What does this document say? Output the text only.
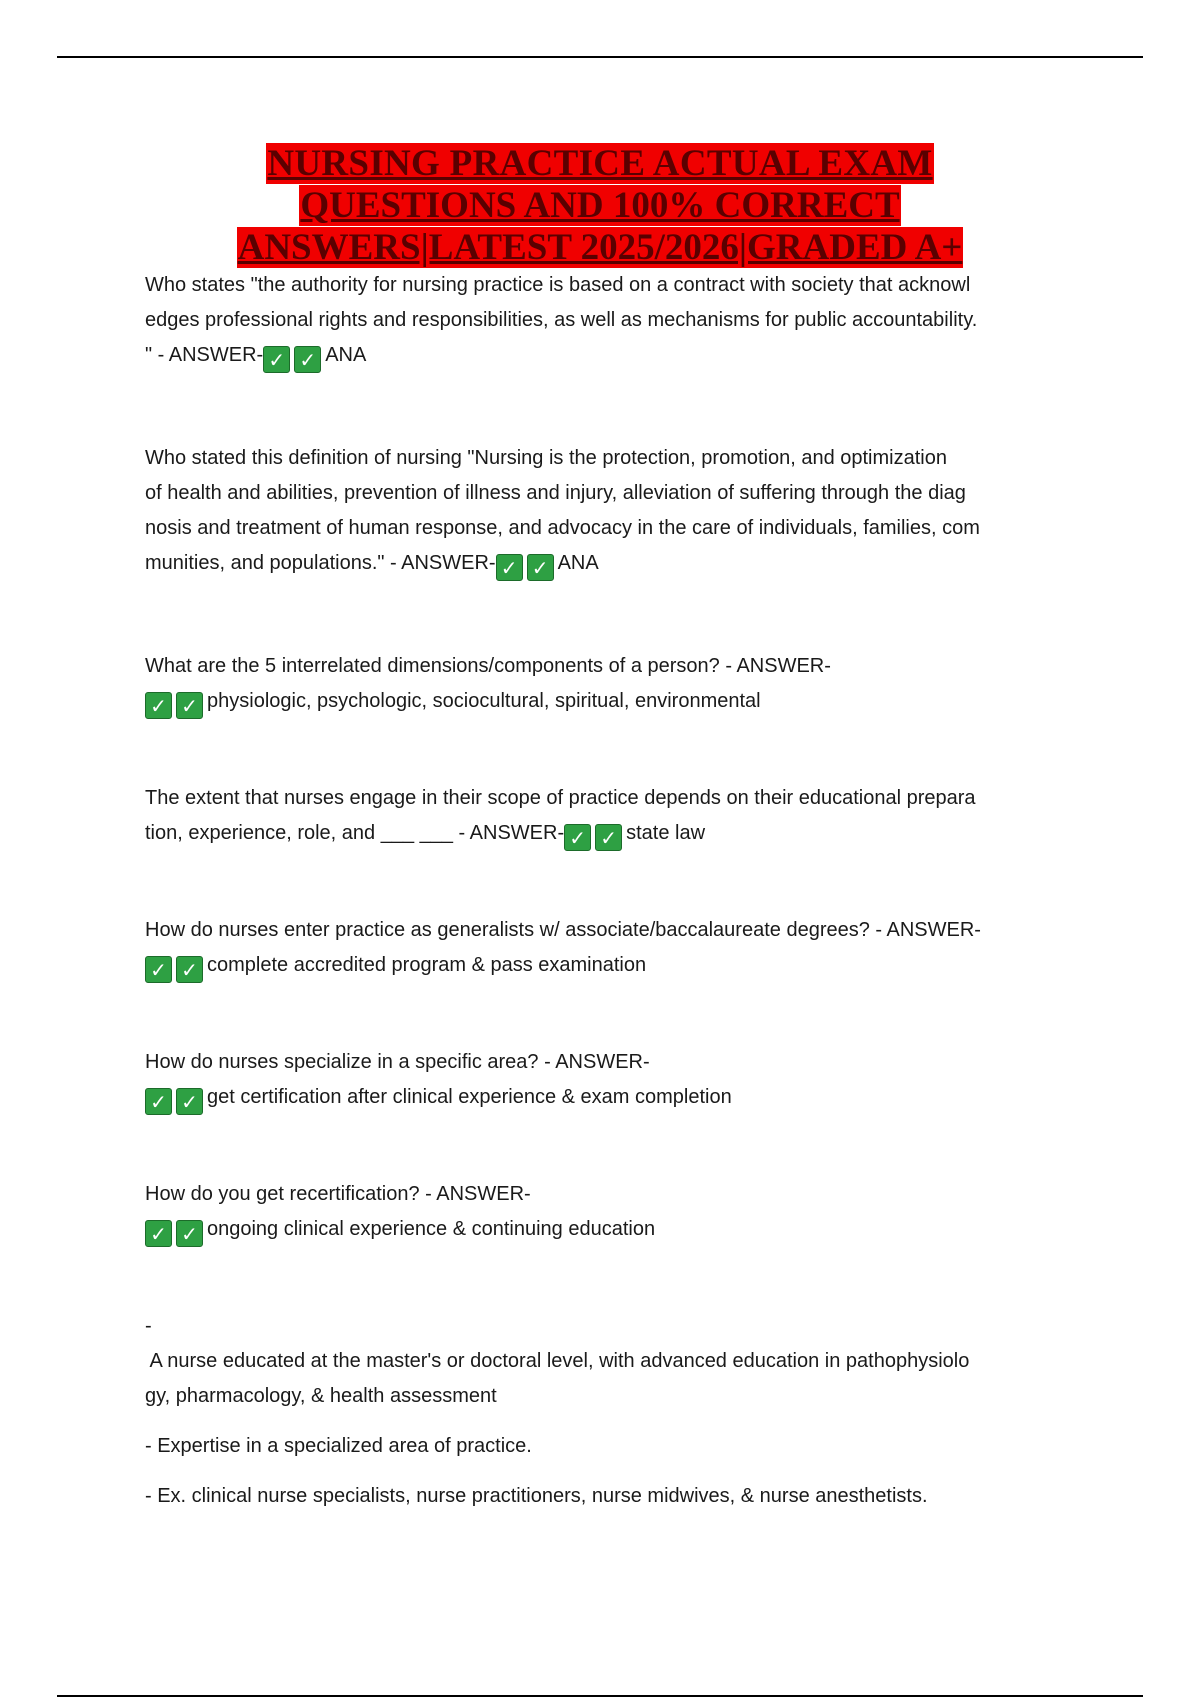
NURSING PRACTICE ACTUAL EXAM
QUESTIONS AND 100% CORRECT
ANSWERS|LATEST 2025/2026|GRADED A+
Who states "the authority for nursing practice is based on a contract with society that acknowl
edges professional rights and responsibilities, as well as mechanisms for public accountability.
" - ANSWER- ✓ ✓ ANA
Who stated this definition of nursing "Nursing is the protection, promotion, and optimization
of health and abilities, prevention of illness and injury, alleviation of suffering through the diag
nosis and treatment of human response, and advocacy in the care of individuals, families, com
munities, and populations." - ANSWER- ✓ ✓ ANA
What are the 5 interrelated dimensions/components of a person? - ANSWER-
✓ ✓ physiologic, psychologic, sociocultural, spiritual, environmental
The extent that nurses engage in their scope of practice depends on their educational prepara
tion, experience, role, and ___ ___ - ANSWER- ✓ ✓ state law
How do nurses enter practice as generalists w/ associate/baccalaureate degrees? - ANSWER-
✓ ✓ complete accredited program & pass examination
How do nurses specialize in a specific area? - ANSWER-
✓ ✓ get certification after clinical experience & exam completion
How do you get recertification? - ANSWER-
✓ ✓ ongoing clinical experience & continuing education
-
A nurse educated at the master's or doctoral level, with advanced education in pathophysiolo
gy, pharmacology, & health assessment
- Expertise in a specialized area of practice.
- Ex. clinical nurse specialists, nurse practitioners, nurse midwives, & nurse anesthetists.
